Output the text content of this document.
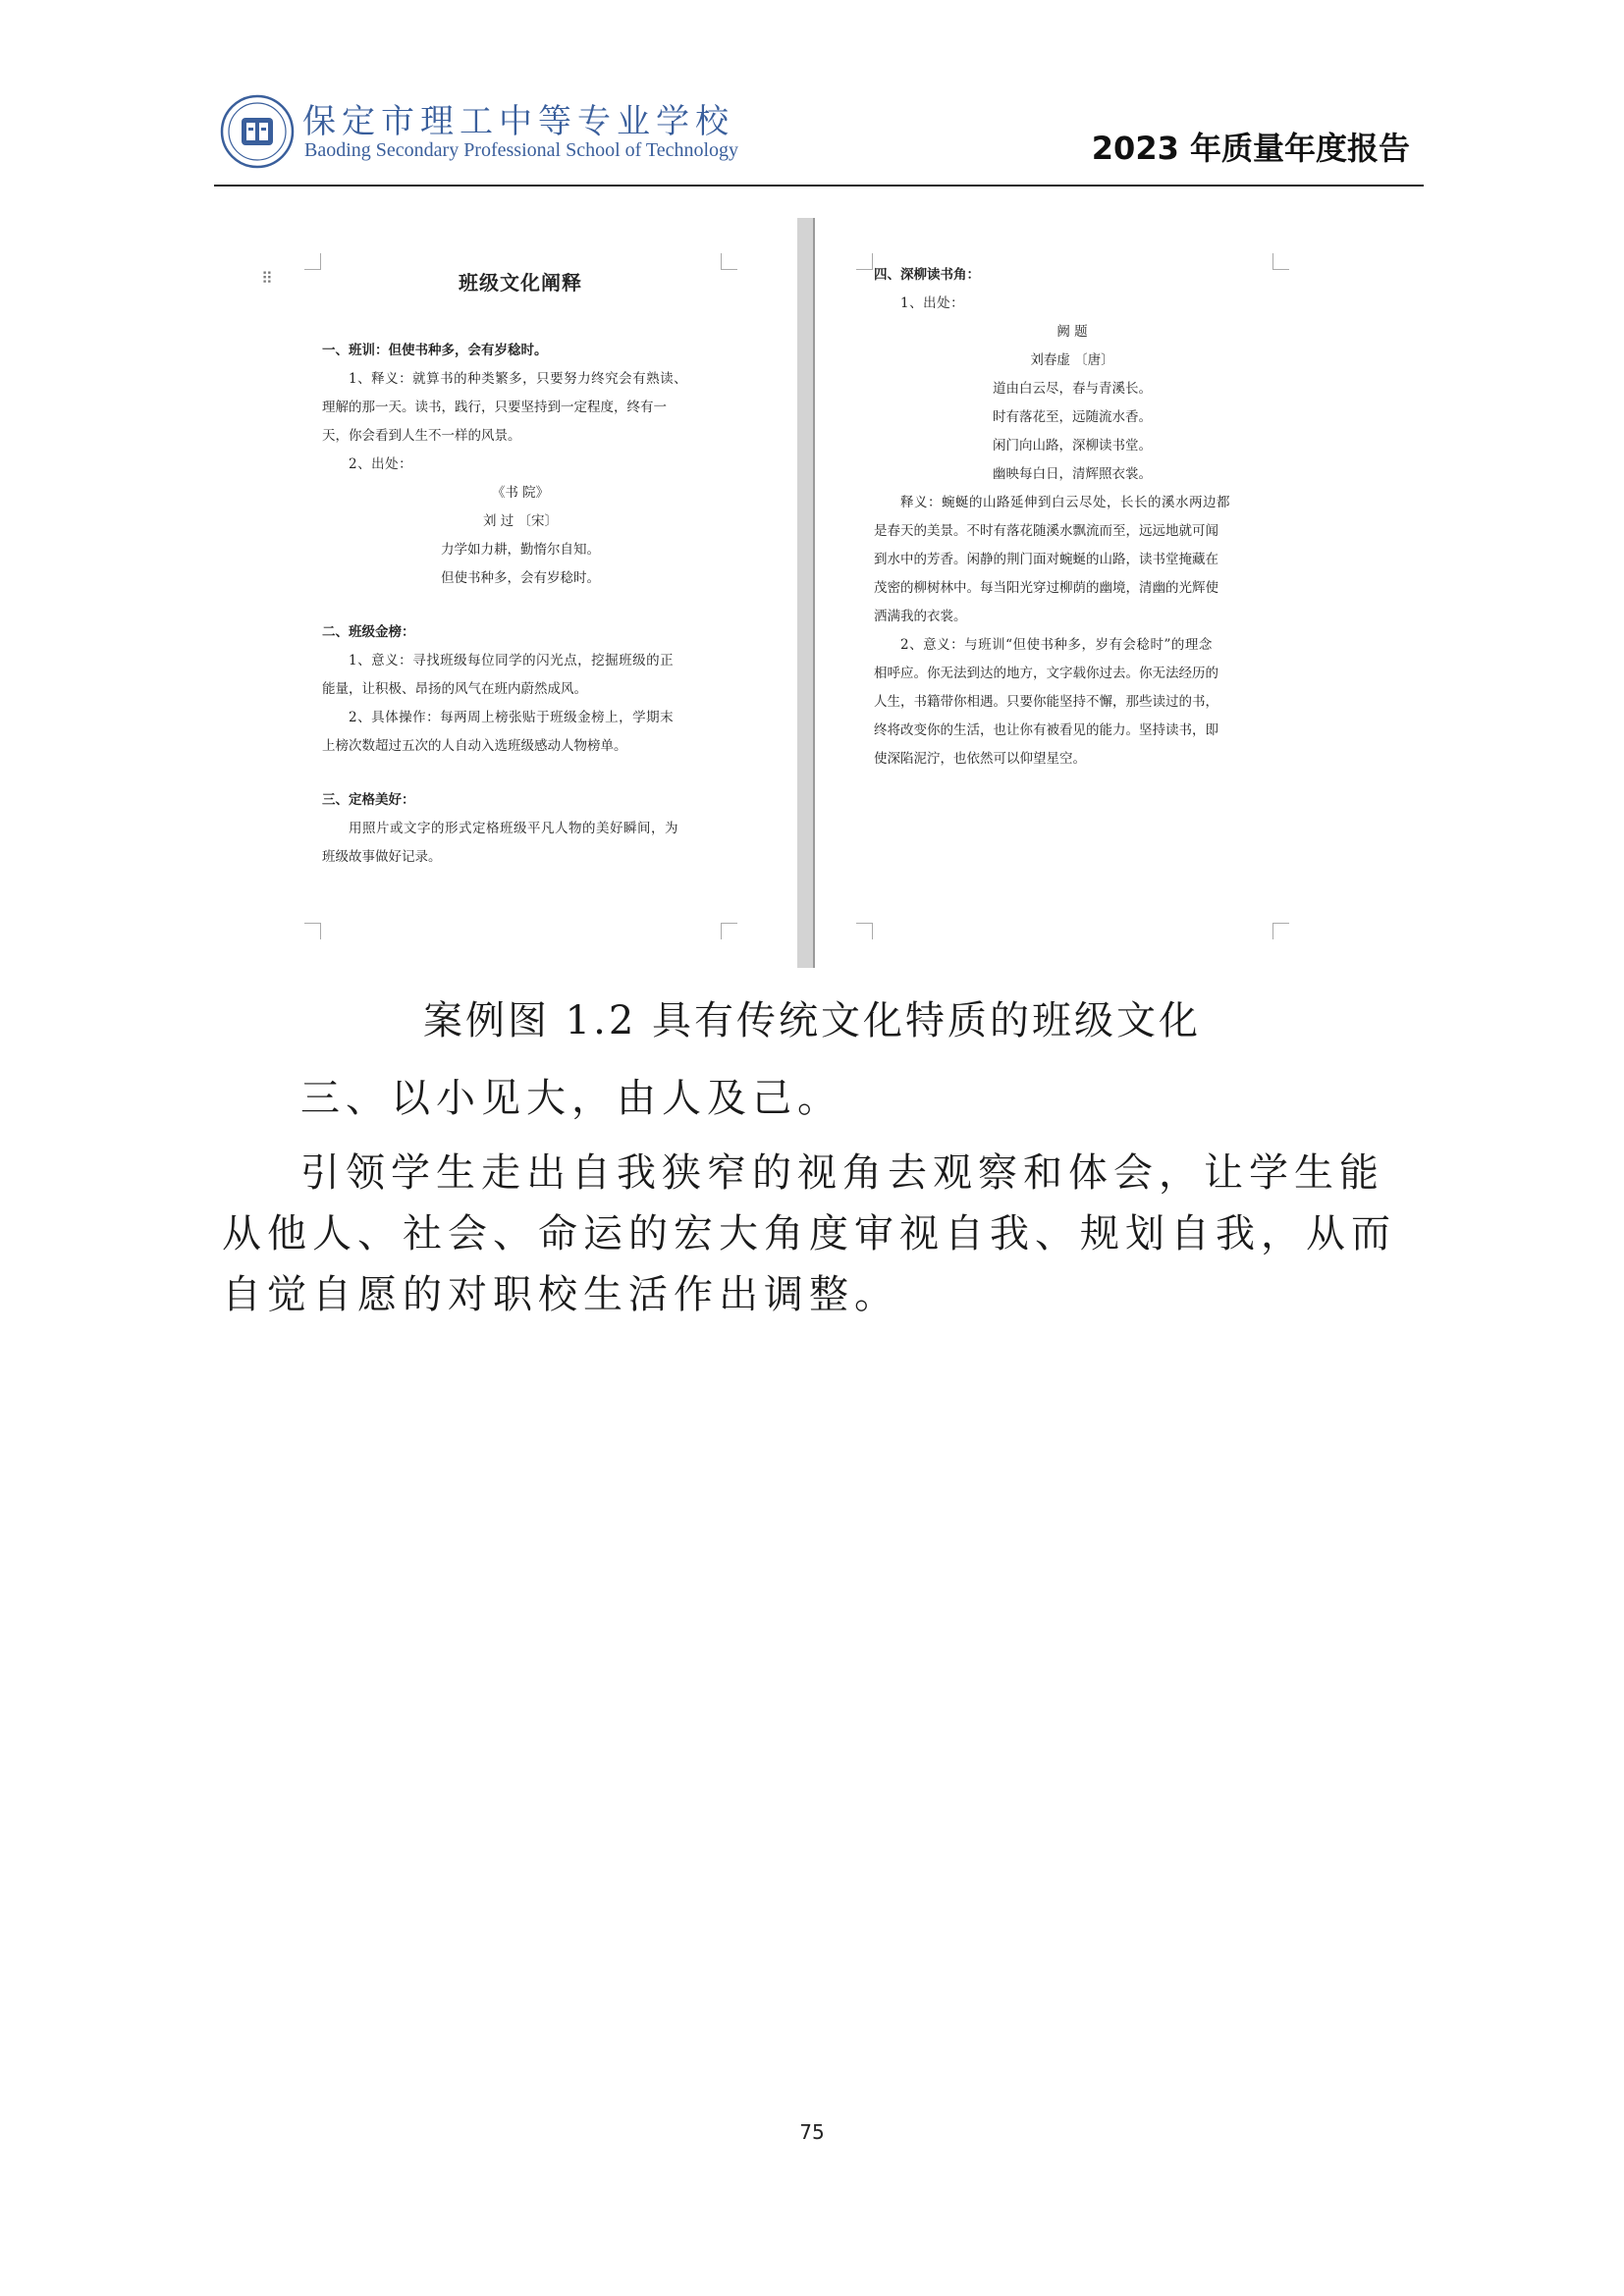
保定市理工中等专业学校
Baoding Secondary Professional School of Technology	2023 年质量年度报告
⠿	班级文化阐释
一、班训：但使书种多，会有岁稔时。
1、释义：就算书的种类繁多，只要努力终究会有熟读、
理解的那一天。读书，践行，只要坚持到一定程度，终有一
天，你会看到人生不一样的风景。
2、出处：
《书 院》
刘 过 〔宋〕
力学如力耕，勤惰尔自知。
但使书种多，会有岁稔时。
二、班级金榜：
1、意义：寻找班级每位同学的闪光点，挖掘班级的正
能量，让积极、昂扬的风气在班内蔚然成风。
2、具体操作：每两周上榜张贴于班级金榜上，学期末
上榜次数超过五次的人自动入选班级感动人物榜单。
三、定格美好：
用照片或文字的形式定格班级平凡人物的美好瞬间，为
班级故事做好记录。
四、深柳读书角：
1、出处：
阙 题
刘春虚 〔唐〕
道由白云尽，春与青溪长。
时有落花至，远随流水香。
闲门向山路，深柳读书堂。
幽映每白日，清辉照衣裳。
释义：蜿蜒的山路延伸到白云尽处，长长的溪水两边都
是春天的美景。不时有落花随溪水飘流而至，远远地就可闻
到水中的芳香。闲静的荆门面对蜿蜒的山路，读书堂掩藏在
茂密的柳树林中。每当阳光穿过柳荫的幽境，清幽的光辉使
洒满我的衣裳。
2、意义：与班训“但使书种多，岁有会稔时”的理念
相呼应。你无法到达的地方，文字载你过去。你无法经历的
人生，书籍带你相遇。只要你能坚持不懈，那些读过的书，
终将改变你的生活，也让你有被看见的能力。坚持读书，即
使深陷泥泞，也依然可以仰望星空。
案例图 1.2 具有传统文化特质的班级文化
三、以小见大，由人及己。
引领学生走出自我狭窄的视角去观察和体会，让学生能从他人、社会、命运的宏大角度审视自我、规划自我，从而自觉自愿的对职校生活作出调整。
75
